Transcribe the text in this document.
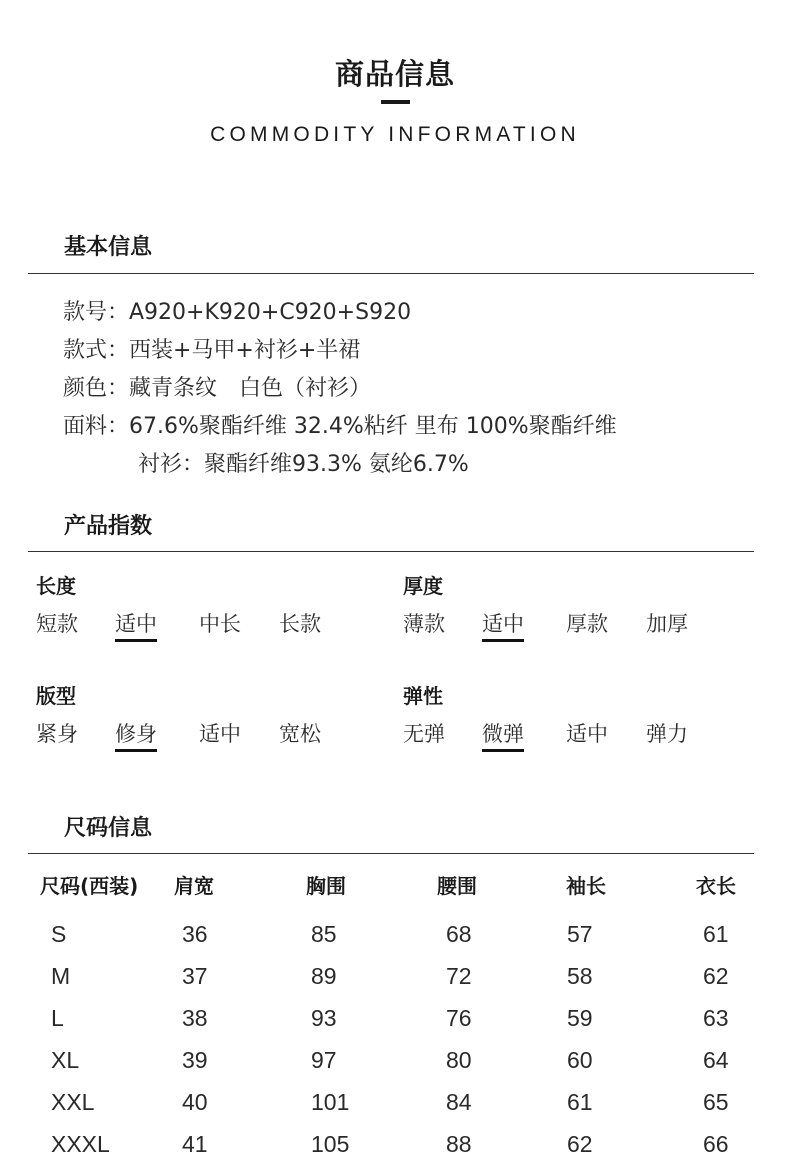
商品信息
COMMODITY INFORMATION
基本信息
款号：A920+K920+C920+S920
款式：西装+马甲+衬衫+半裙
颜色：藏青条纹　白色（衬衫）
面料：67.6%聚酯纤维 32.4%粘纤 里布 100%聚酯纤维
衬衫：聚酯纤维93.3% 氨纶6.7%
产品指数
长度
短款 适中 中长 长款
厚度
薄款 适中 厚款 加厚
版型
紧身 修身 适中 宽松
弹性
无弹 微弹 适中 弹力
尺码信息
尺码(西装) 肩宽	胸围	腰围	袖长	衣长
S	36	85	68	57	61
M	37	89	72	58	62
L	38	93	76	59	63
XL	39	97	80	60	64
XXL	40	101	84	61	65
XXXL	41	105	88	62	66
